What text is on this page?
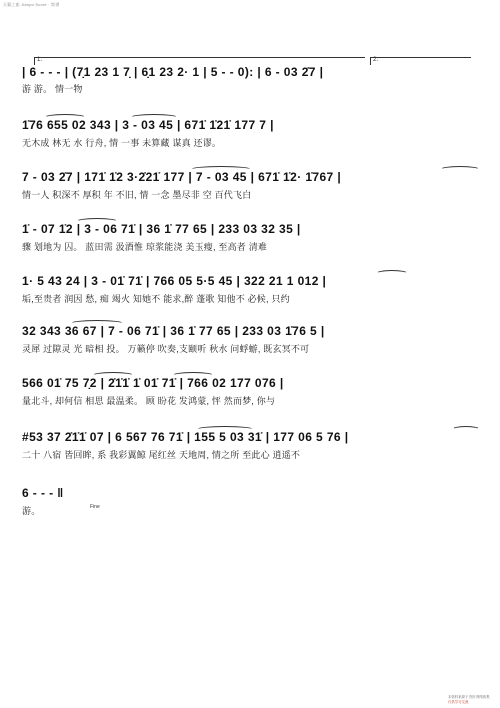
天籁之旅 Jianpu Score · 简谱
1.	2.
| 6 - - - | (7̣1 23 1 7̣ | 6̣1 23 2· 1 | 5 - - 0): | 6 - 03 2̇7 |
游 游。 情一物
1̇76 655 02 343 | 3 - 03 45 | 671̇ 1̇21̇ 177 7 |
无木成 林无 水 行舟, 情 一事 未算藏 谋真 还谬。
7 - 03 2̇7 | 171̇ 1̇2 3·2̇21̇ 177 | 7 - 03 45 | 671̇ 1̇2· 1̇767 |
情一人 积深不 厚积 年 不旧, 情 一念 墨尽非 空 百代飞白
1̇ - 07 1̇2 | 3 - 06 71̇ | 36 1̇ 77 65 | 233 03 32 35 |
骤 划地为 囚。 蓝田需 汲酒惟 琼浆能浇 美玉瘦, 至高者 清难
1· 5 43 24 | 3 - 01̇ 71̇ | 766 05 5·5 45 | 322 21 1 012 |
垢,至贵者 润因 愁, 痴 竭火 知她不 能求,醉 蓬歌 知他不 必候, 只约
32 343 36 67 | 7 - 06 71̇ | 36 1̇ 77 65 | 233 03 1̇76 5 |
灵犀 过隙灵 光 暗相 投。 万籁停 吹奏,支颐听 秋水 问蜉蝣, 既玄冥不可
566 01̇ 75 7̣2 | 2̇1̇1̇ 1̇ 01̇ 71̇ | 766 02 177 076 |
量北斗, 却何信 相思 最温柔。 顾 盼花 发鸿蒙, 怦 然而梦, 你与
#53 37 2̇1̇1̇ 07 | 6 567 76 71̇ | 155 5 03 31̇ | 177 06 5 76 |
二十 八宿 皆回眸, 系 我彩翼鲸 尾红丝 天地周, 情之所 至此心 逍遥不
6 - - - ‖
游。	Fine
本资料来源于 图片网络收集
仅供学习交流
